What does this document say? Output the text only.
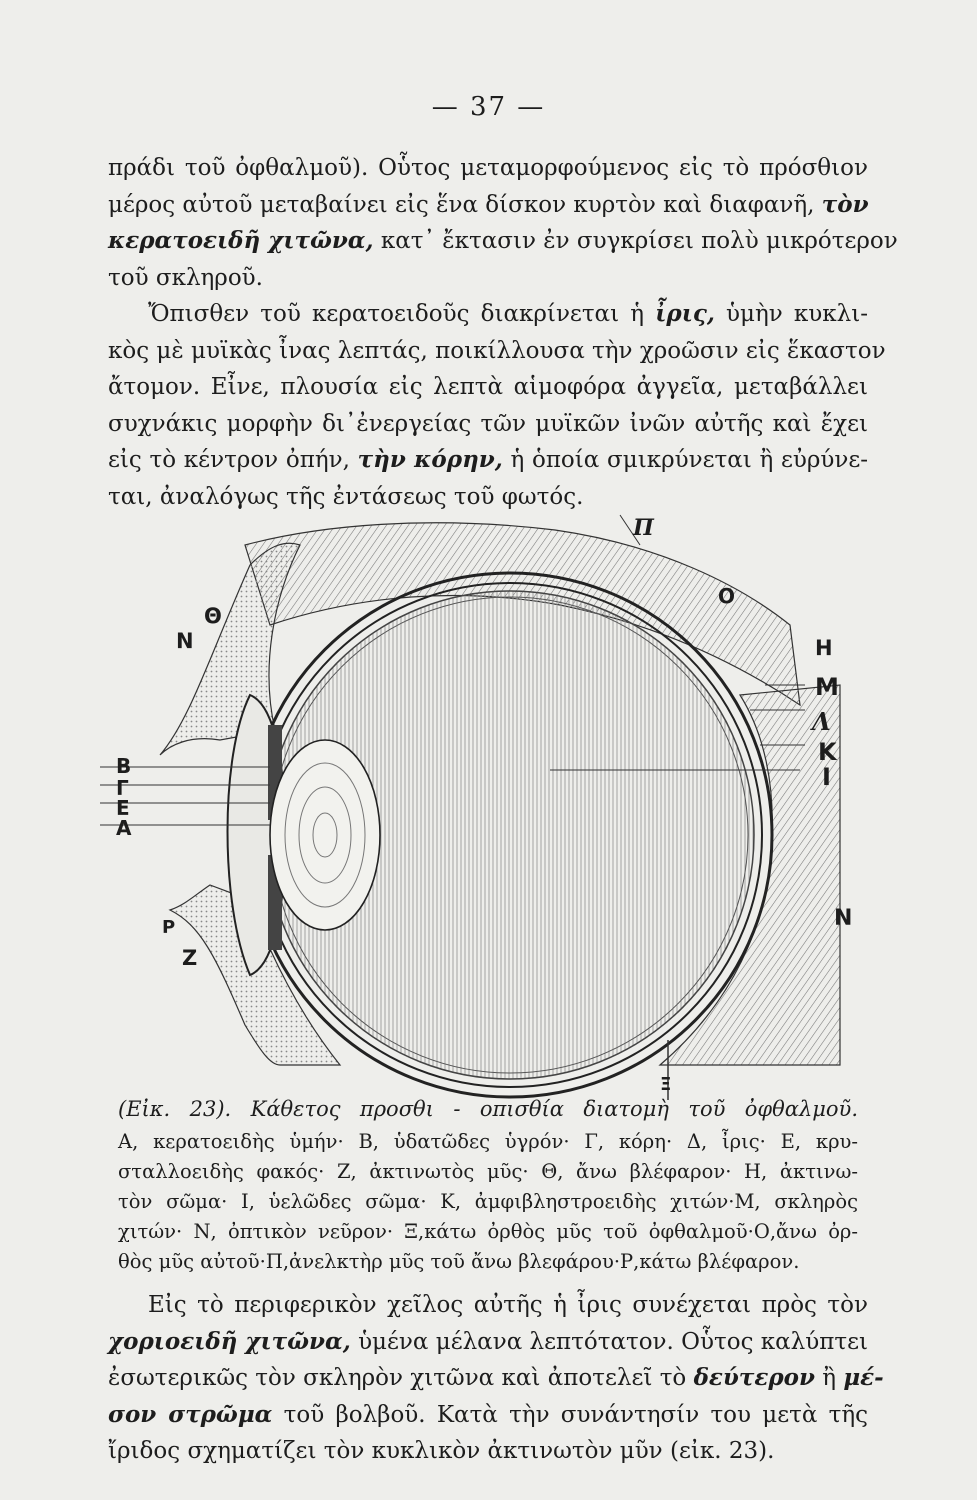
— 37 —
πράδι τοῦ ὀφθαλμοῦ). Οὗτος μεταμορφούμενος εἰς τὸ πρόσθιον
μέρος αὐτοῦ μεταβαίνει εἰς ἕνα δίσκον κυρτὸν καὶ διαφανῆ, τὸν
κερατοειδῆ χιτῶνα, κατ᾽ ἔκτασιν ἐν συγκρίσει πολὺ μικρότερον
τοῦ σκληροῦ.
Ὄπισθεν τοῦ κερατοειδοῦς διακρίνεται ἡ ἶρις, ὑμὴν κυκλι-
κὸς μὲ μυϊκὰς ἶνας λεπτάς, ποικίλλουσα τὴν χροῶσιν εἰς ἕκαστον
ἄτομον. Εἶνε, πλουσία εἰς λεπτὰ αἱμοφόρα ἀγγεῖα, μεταβάλλει
συχνάκις μορφὴν δι᾽ἐνεργείας τῶν μυϊκῶν ἰνῶν αὐτῆς καὶ ἔχει
εἰς τὸ κέντρον ὀπήν, τὴν κόρην, ἡ ὁποία σμικρύνεται ἢ εὐρύνε-
ται, ἀναλόγως τῆς ἐντάσεως τοῦ φωτός.
Π
Ο
Θ
Ν	Η
Μ
Λ
Κ
Ι
Β
Γ
Ε
Α
Ρ
Ζ
Ν
Ξ
(Εἰκ. 23). Κάθετος προσθι - οπισθία διατομὴ τοῦ ὀφθαλμοῦ.
Α, κερατοειδὴς ὑμήν· Β, ὑδατῶδες ὑγρόν· Γ, κόρη· Δ, ἶρις· Ε, κρυ-
σταλλοειδὴς φακός· Ζ, ἀκτινωτὸς μῦς· Θ, ἄνω βλέφαρον· Η, ἀκτινω-
τὸν σῶμα· Ι, ὑελῶδες σῶμα· Κ, ἀμφιβληστροειδὴς χιτών·Μ, σκληρὸς
χιτών· Ν, ὀπτικὸν νεῦρον· Ξ,κάτω ὀρθὸς μῦς τοῦ ὀφθαλμοῦ·Ο,ἄνω ὀρ-
θὸς μῦς αὐτοῦ·Π,ἀνελκτὴρ μῦς τοῦ ἄνω βλεφάρου·Ρ,κάτω βλέφαρον.
Εἰς τὸ περιφερικὸν χεῖλος αὐτῆς ἡ ἶρις συνέχεται πρὸς τὸν
χοριοειδῆ χιτῶνα, ὑμένα μέλανα λεπτότατον. Οὗτος καλύπτει
ἐσωτερικῶς τὸν σκληρὸν χιτῶνα καὶ ἀποτελεῖ τὸ δεύτερον ἢ μέ-
σον στρῶμα τοῦ βολβοῦ. Κατὰ τὴν συνάντησίν του μετὰ τῆς
ἴριδος σχηματίζει τὸν κυκλικὸν ἀκτινωτὸν μῦν (εἰκ. 23).
